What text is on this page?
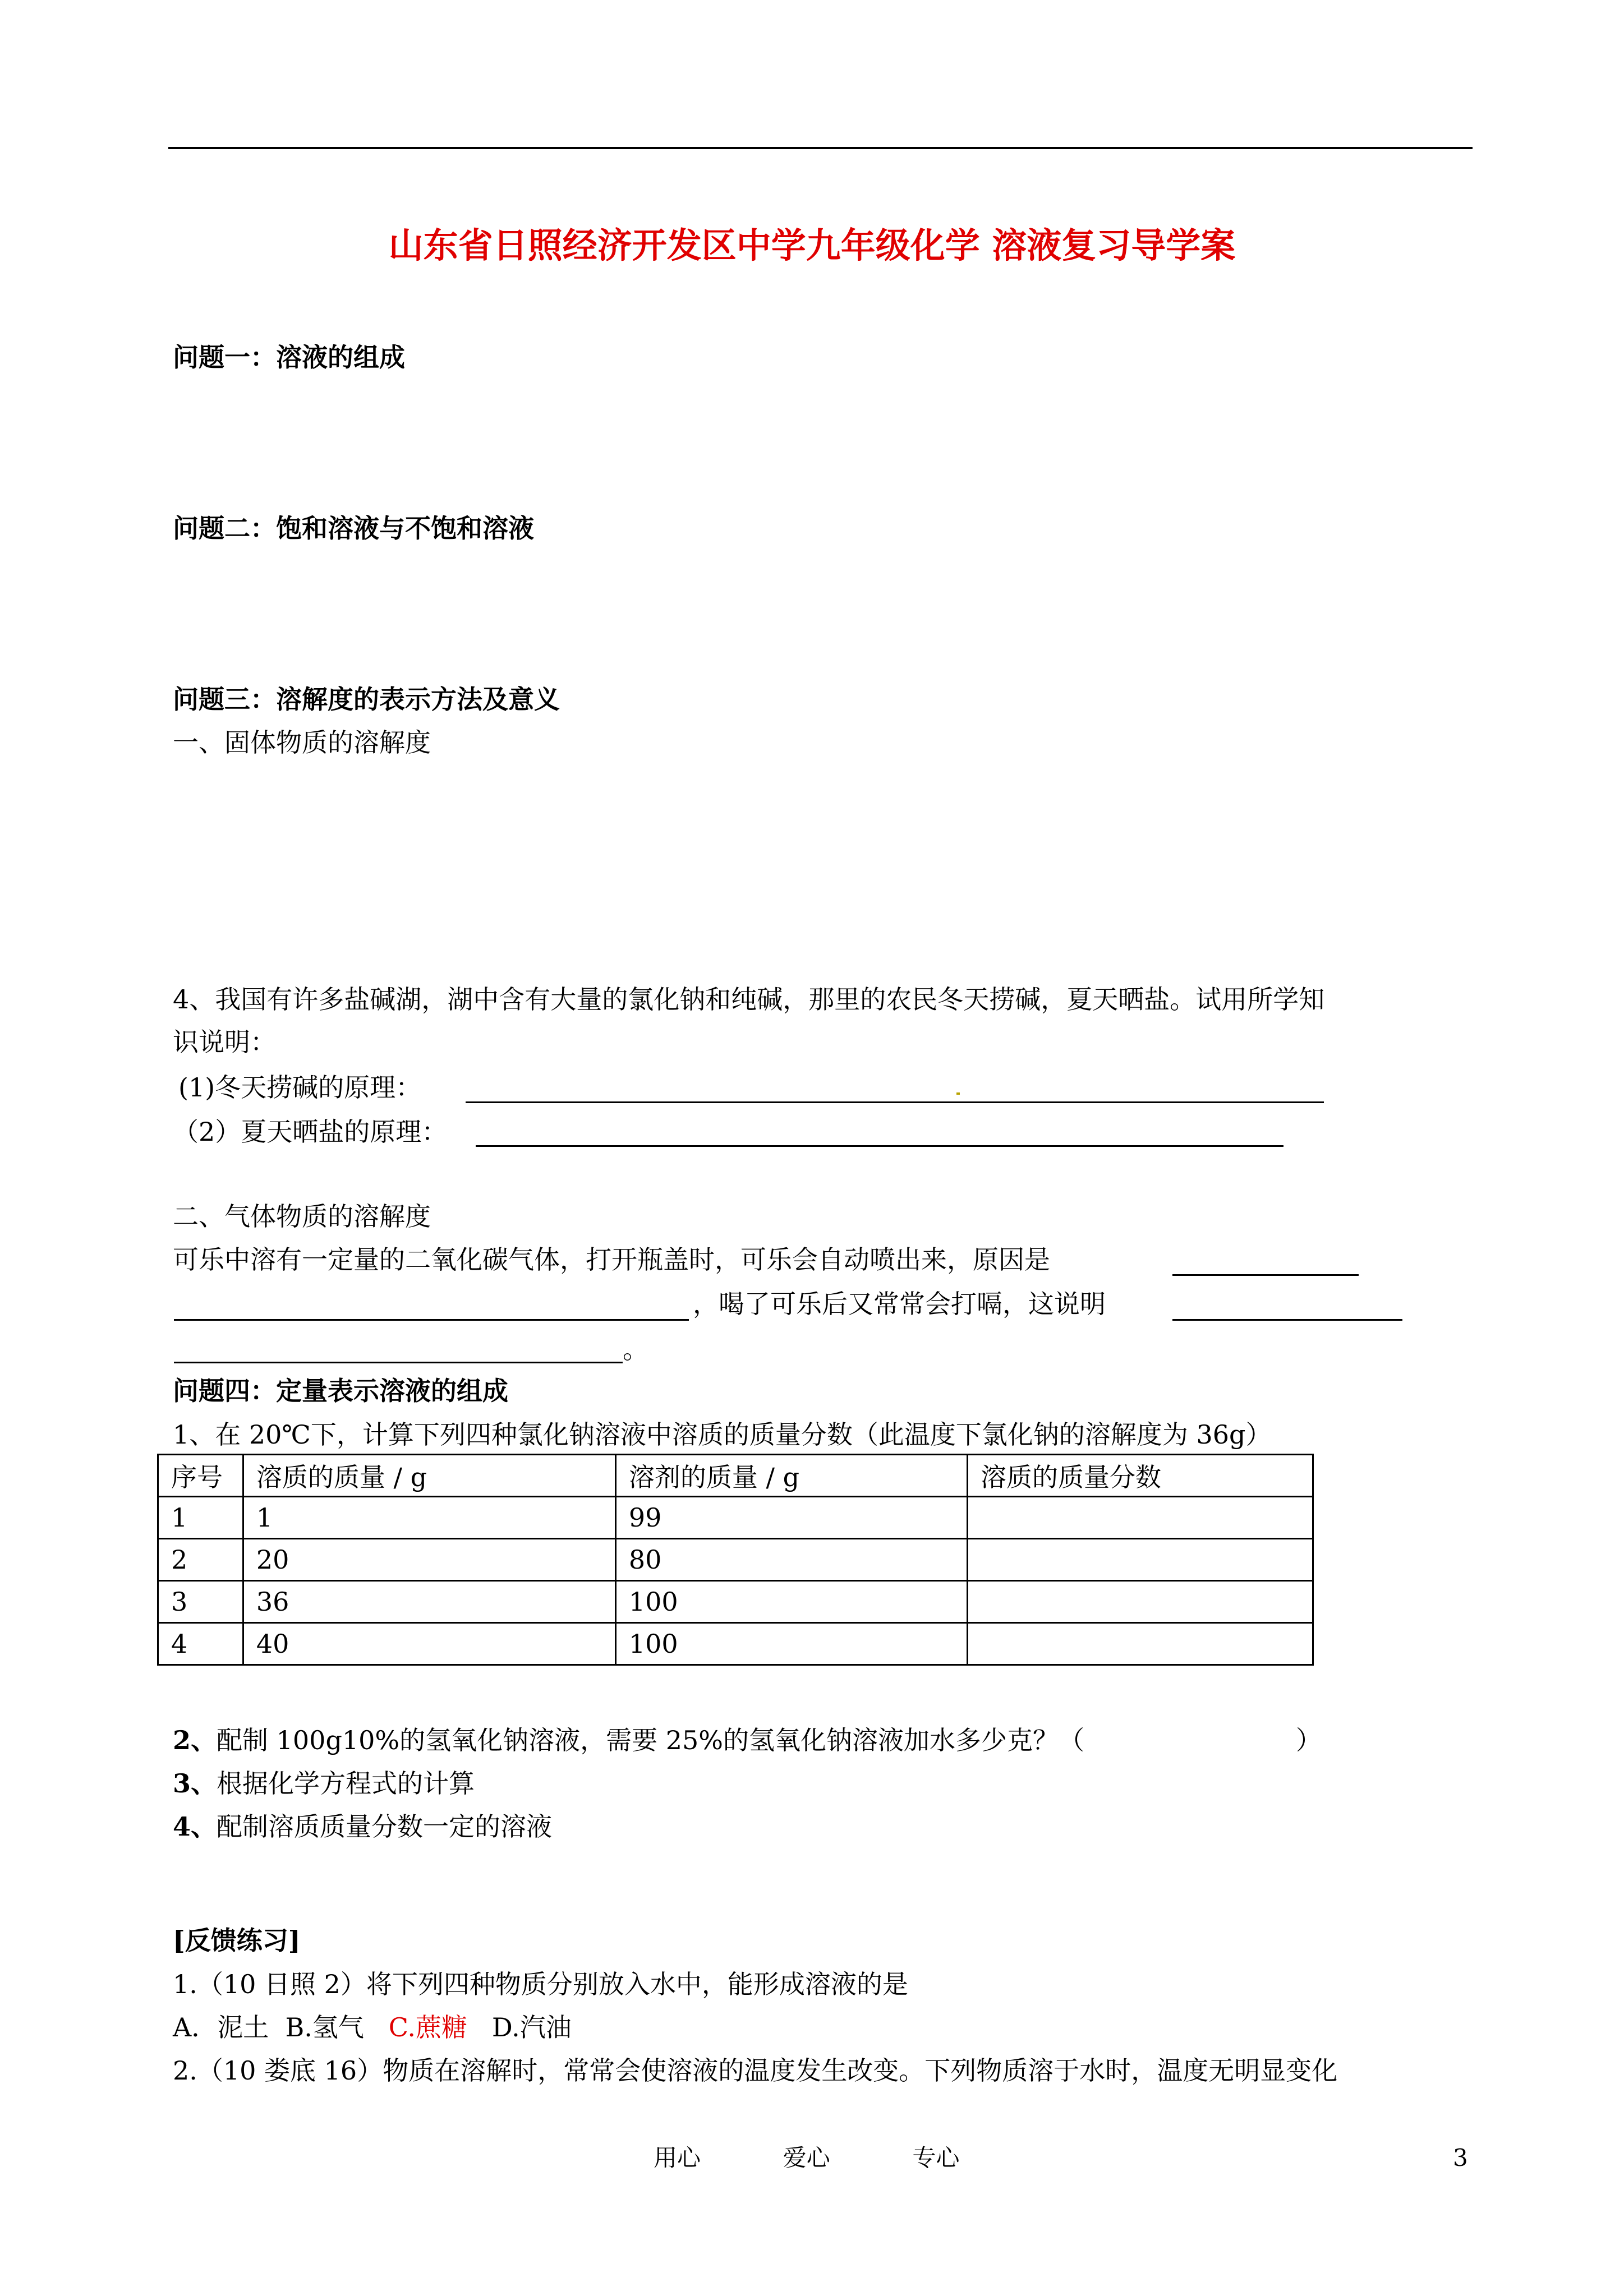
山东省日照经济开发区中学九年级化学 溶液复习导学案
问题一：溶液的组成
问题二：饱和溶液与不饱和溶液
问题三：溶解度的表示方法及意义
一、固体物质的溶解度
4、我国有许多盐碱湖，湖中含有大量的氯化钠和纯碱，那里的农民冬天捞碱，夏天晒盐。试用所学知
识说明：
(1)冬天捞碱的原理：
（2）夏天晒盐的原理：
二、气体物质的溶解度
可乐中溶有一定量的二氧化碳气体，打开瓶盖时，可乐会自动喷出来，原因是
，喝了可乐后又常常会打嗝，这说明
。
问题四：定量表示溶液的组成
1、在 20℃下，计算下列四种氯化钠溶液中溶质的质量分数（此温度下氯化钠的溶解度为 36g）
序号	溶质的质量 / g	溶剂的质量 / g	溶质的质量分数
1	1	99	
2	20	80	
3	36	100	
4	40	100	
2、配制 100g10%的氢氧化钠溶液，需要 25%的氢氧化钠溶液加水多少克？（	）
3、根据化学方程式的计算
4、配制溶质质量分数一定的溶液
[反馈练习]
1.（10 日照 2）将下列四种物质分别放入水中，能形成溶液的是
A．泥土 B.氢气 C.蔗糖 D.汽油
2.（10 娄底 16）物质在溶解时，常常会使溶液的温度发生改变。下列物质溶于水时，温度无明显变化
用心	爱心	专心	3
